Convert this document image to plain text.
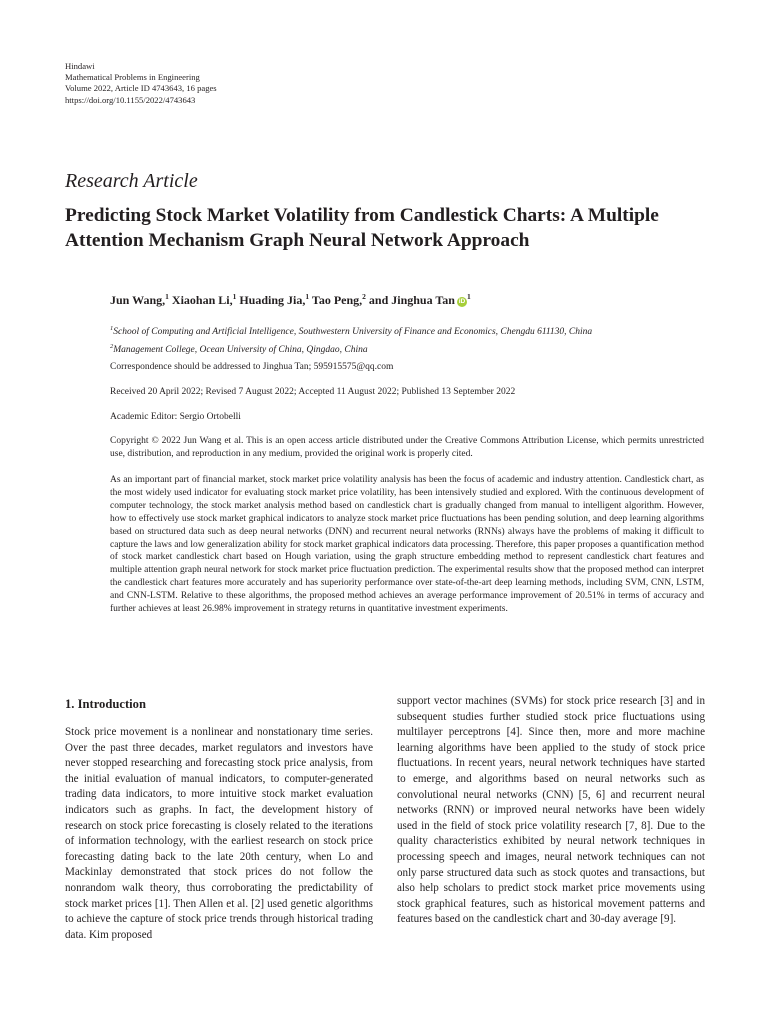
Hindawi
Mathematical Problems in Engineering
Volume 2022, Article ID 4743643, 16 pages
https://doi.org/10.1155/2022/4743643
Research Article
Predicting Stock Market Volatility from Candlestick Charts: A Multiple Attention Mechanism Graph Neural Network Approach
Jun Wang,$^1$ Xiaohan Li,$^1$ Huading Jia,$^1$ Tao Peng,$^2$ and Jinghua Tan $iD^1$
$^1$School of Computing and Artificial Intelligence, Southwestern University of Finance and Economics, Chengdu 611130, China
$^2$Management College, Ocean University of China, Qingdao, China
Correspondence should be addressed to Jinghua Tan; 595915575@qq.com
Received 20 April 2022; Revised 7 August 2022; Accepted 11 August 2022; Published 13 September 2022
Academic Editor: Sergio Ortobelli
Copyright © 2022 Jun Wang et al. This is an open access article distributed under the Creative Commons Attribution License, which permits unrestricted use, distribution, and reproduction in any medium, provided the original work is properly cited.
As an important part of financial market, stock market price volatility analysis has been the focus of academic and industry attention. Candlestick chart, as the most widely used indicator for evaluating stock market price volatility, has been intensively studied and explored. With the continuous development of computer technology, the stock market analysis method based on candlestick chart is gradually changed from manual to intelligent algorithm. However, how to effectively use stock market graphical indicators to analyze stock market price fluctuations has been pending solution, and deep learning algorithms based on structured data such as deep neural networks (DNN) and recurrent neural networks (RNNs) always have the problems of making it difficult to capture the laws and low generalization ability for stock market graphical indicators data processing. Therefore, this paper proposes a quantification method of stock market candlestick chart based on Hough variation, using the graph structure embedding method to represent candlestick chart features and multiple attention graph neural network for stock market price fluctuation prediction. The experimental results show that the proposed method can interpret the candlestick chart features more accurately and has superiority performance over state-of-the-art deep learning methods, including SVM, CNN, LSTM, and CNN-LSTM. Relative to these algorithms, the proposed method achieves an average performance improvement of 20.51% in terms of accuracy and further achieves at least 26.98% improvement in strategy returns in quantitative investment experiments.
1. Introduction
Stock price movement is a nonlinear and nonstationary time series. Over the past three decades, market regulators and investors have never stopped researching and forecasting stock price analysis, from the initial evaluation of manual indicators, to computer-generated trading data indicators, to more intuitive stock market evaluation indicators such as graphs. In fact, the development history of research on stock price forecasting is closely related to the iterations of information technology, with the earliest research on stock price forecasting dating back to the late 20th century, when Lo and Mackinlay demonstrated that stock prices do not follow the nonrandom walk theory, thus corroborating the predictability of stock market prices [1]. Then Allen et al. [2] used genetic algorithms to achieve the capture of stock price trends through historical trading data. Kim proposed
support vector machines (SVMs) for stock price research [3] and in subsequent studies further studied stock price fluctuations using multilayer perceptrons [4]. Since then, more and more machine learning algorithms have been applied to the study of stock price fluctuations. In recent years, neural network techniques have started to emerge, and algorithms based on neural networks such as convolutional neural networks (CNN) [5, 6] and recurrent neural networks (RNN) or improved neural networks have been widely used in the field of stock price volatility research [7, 8]. Due to the quality characteristics exhibited by neural network techniques in processing speech and images, neural network techniques can not only parse structured data such as stock quotes and transactions, but also help scholars to predict stock market price movements using stock graphical features, such as historical movement patterns and features based on the candlestick chart and 30-day average [9].
